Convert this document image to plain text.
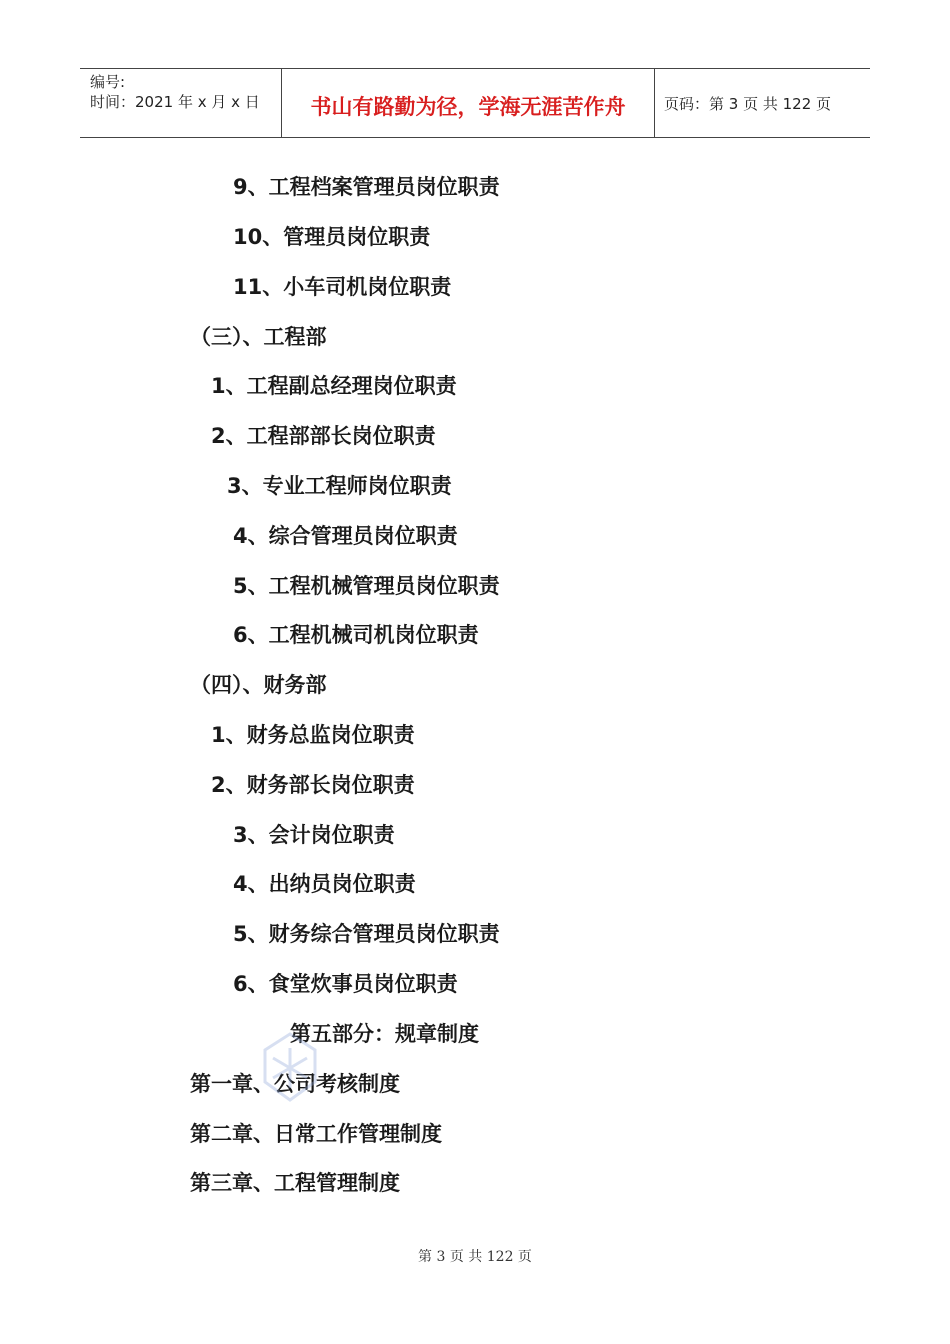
编号:
时间：2021 年 x 月 x 日	书山有路勤为径，学海无涯苦作舟	页码：第 3 页 共 122 页
9、工程档案管理员岗位职责
10、管理员岗位职责
11、小车司机岗位职责
（三）、工程部
1、工程副总经理岗位职责
2、工程部部长岗位职责
3、专业工程师岗位职责
4、综合管理员岗位职责
5、工程机械管理员岗位职责
6、工程机械司机岗位职责
（四）、财务部
1、财务总监岗位职责
2、财务部长岗位职责
3、会计岗位职责
4、出纳员岗位职责
5、财务综合管理员岗位职责
6、食堂炊事员岗位职责
第五部分：规章制度
第一章、公司考核制度
第二章、日常工作管理制度
第三章、工程管理制度
第 3 页 共 122 页
